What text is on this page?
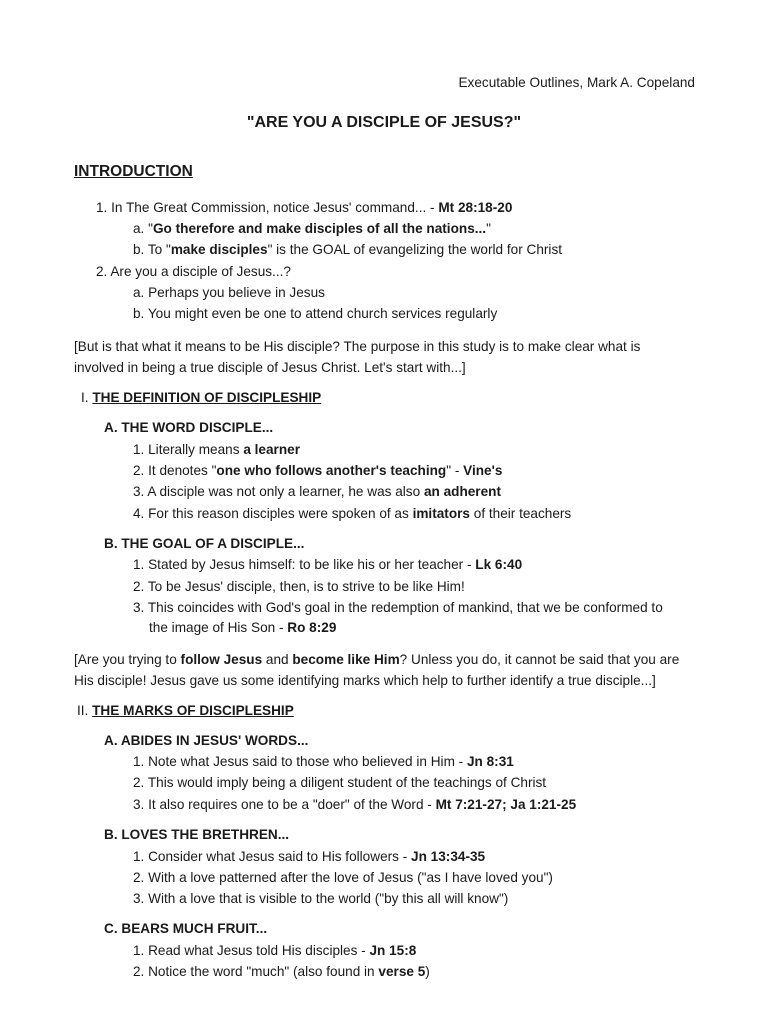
Executable Outlines, Mark A. Copeland
"ARE YOU A DISCIPLE OF JESUS?"
INTRODUCTION
1. In The Great Commission, notice Jesus' command... - Mt 28:18-20
a. "Go therefore and make disciples of all the nations..."
b. To "make disciples" is the GOAL of evangelizing the world for Christ
2. Are you a disciple of Jesus...?
a. Perhaps you believe in Jesus
b. You might even be one to attend church services regularly
[But is that what it means to be His disciple? The purpose in this study is to make clear what is involved in being a true disciple of Jesus Christ. Let's start with...]
I. THE DEFINITION OF DISCIPLESHIP
A. THE WORD DISCIPLE...
1. Literally means a learner
2. It denotes "one who follows another's teaching" - Vine's
3. A disciple was not only a learner, he was also an adherent
4. For this reason disciples were spoken of as imitators of their teachers
B. THE GOAL OF A DISCIPLE...
1. Stated by Jesus himself: to be like his or her teacher - Lk 6:40
2. To be Jesus' disciple, then, is to strive to be like Him!
3. This coincides with God's goal in the redemption of mankind, that we be conformed to
the image of His Son - Ro 8:29
[Are you trying to follow Jesus and become like Him? Unless you do, it cannot be said that you are His disciple! Jesus gave us some identifying marks which help to further identify a true disciple...]
II. THE MARKS OF DISCIPLESHIP
A. ABIDES IN JESUS' WORDS...
1. Note what Jesus said to those who believed in Him - Jn 8:31
2. This would imply being a diligent student of the teachings of Christ
3. It also requires one to be a "doer" of the Word - Mt 7:21-27; Ja 1:21-25
B. LOVES THE BRETHREN...
1. Consider what Jesus said to His followers - Jn 13:34-35
2. With a love patterned after the love of Jesus ("as I have loved you")
3. With a love that is visible to the world ("by this all will know")
C. BEARS MUCH FRUIT...
1. Read what Jesus told His disciples - Jn 15:8
2. Notice the word "much" (also found in verse 5)
